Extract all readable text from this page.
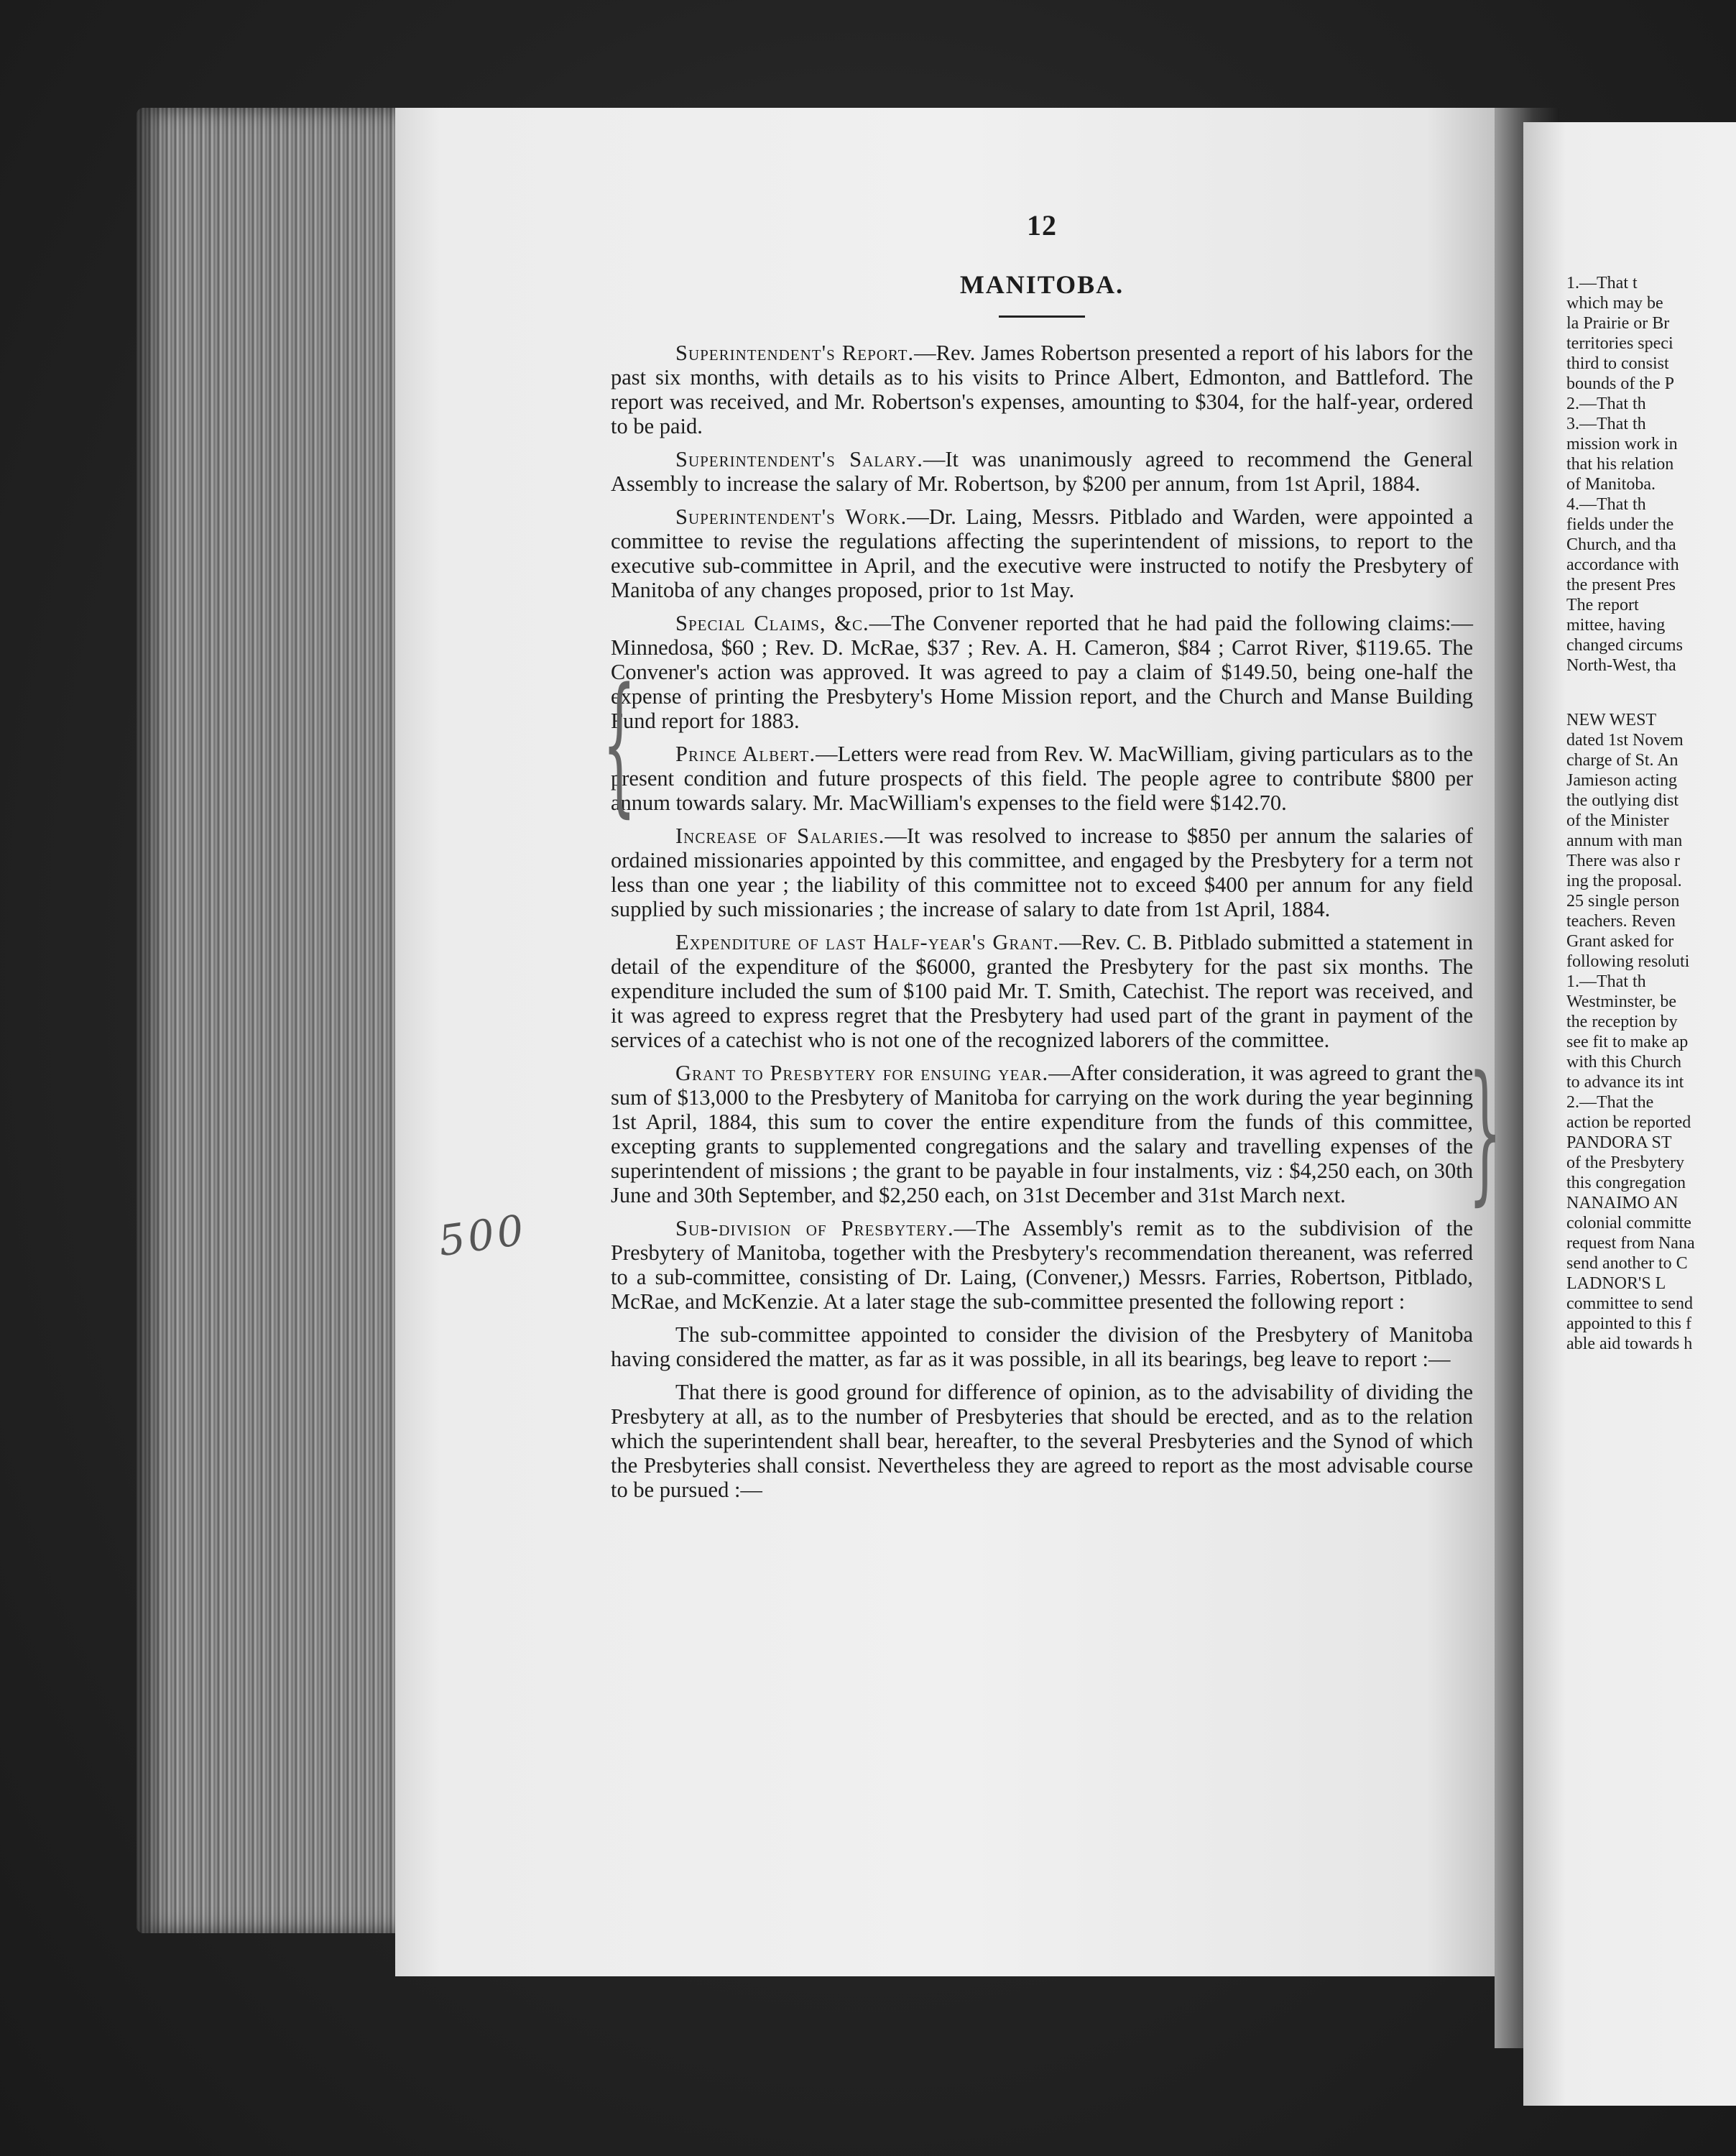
12
MANITOBA.

Superintendent's Report.—Rev. James Robertson presented a report of his labors for the past six months, with details as to his visits to Prince Albert, Edmonton, and Battleford. The report was received, and Mr. Robertson's expenses, amounting to $304, for the half-year, ordered to be paid.

Superintendent's Salary.—It was unanimously agreed to recommend the General Assembly to increase the salary of Mr. Robertson, by $200 per annum, from 1st April, 1884.

Superintendent's Work.—Dr. Laing, Messrs. Pitblado and Warden, were appointed a committee to revise the regulations affecting the superintendent of missions, to report to the executive sub-committee in April, and the executive were instructed to notify the Presbytery of Manitoba of any changes proposed, prior to 1st May.

Special Claims, &c.—The Convener reported that he had paid the following claims:—Minnedosa, $60 ; Rev. D. McRae, $37 ; Rev. A. H. Cameron, $84 ; Carrot River, $119.65. The Convener's action was approved. It was agreed to pay a claim of $149.50, being one-half the expense of printing the Presbytery's Home Mission report, and the Church and Manse Building Fund report for 1883.

Prince Albert.—Letters were read from Rev. W. MacWilliam, giving particulars as to the present condition and future prospects of this field. The people agree to contribute $800 per annum towards salary. Mr. MacWilliam's expenses to the field were $142.70.

Increase of Salaries.—It was resolved to increase to $850 per annum the salaries of ordained missionaries appointed by this committee, and engaged by the Presbytery for a term not less than one year ; the liability of this committee not to exceed $400 per annum for any field supplied by such missionaries ; the increase of salary to date from 1st April, 1884.

Expenditure of last Half-year's Grant.—Rev. C. B. Pitblado submitted a statement in detail of the expenditure of the $6000, granted the Presbytery for the past six months. The expenditure included the sum of $100 paid Mr. T. Smith, Catechist. The report was received, and it was agreed to express regret that the Presbytery had used part of the grant in payment of the services of a catechist who is not one of the recognized laborers of the committee.

Grant to Presbytery for ensuing year.—After consideration, it was agreed to grant the sum of $13,000 to the Presbytery of Manitoba for carrying on the work during the year beginning 1st April, 1884, this sum to cover the entire expenditure from the funds of this committee, excepting grants to supplemented congregations and the salary and travelling expenses of the superintendent of missions ; the grant to be payable in four instalments, viz : $4,250 each, on 30th June and 30th September, and $2,250 each, on 31st December and 31st March next.

Sub-division of Presbytery.—The Assembly's remit as to the subdivision of the Presbytery of Manitoba, together with the Presbytery's recommendation thereanent, was referred to a sub-committee, consisting of Dr. Laing, (Convener,) Messrs. Farries, Robertson, Pitblado, McRae, and McKenzie. At a later stage the sub-committee presented the following report :

The sub-committee appointed to consider the division of the Presbytery of Manitoba having considered the matter, as far as it was possible, in all its bearings, beg leave to report :—

That there is good ground for difference of opinion, as to the advisability of dividing the Presbytery at all, as to the number of Presbyteries that should be erected, and as to the relation which the superintendent shall bear, hereafter, to the several Presbyteries and the Synod of which the Presbyteries shall consist. Nevertheless they are agreed to report as the most advisable course to be pursued :—

{
}
500
1.—That t
which may be
la Prairie or Br
territories speci
third to consist
bounds of the P
2.—That th
3.—That th
mission work in
that his relation
of Manitoba.
4.—That th
fields under the
Church, and tha
accordance with
the present Pres
The report
mittee, having
changed circums
North-West, tha
NEW WEST
dated 1st Novem
charge of St. An
Jamieson acting
the outlying dist
of the Minister
annum with man
There was also r
ing the proposal.
25 single person
teachers. Reven
Grant asked for
following resoluti
1.—That th
Westminster, be
the reception by
see fit to make ap
with this Church
to advance its int
2.—That the
action be reported
PANDORA ST
of the Presbytery
this congregation
NANAIMO AN
colonial committe
request from Nana
send another to C
LADNOR'S L
committee to send
appointed to this f
able aid towards h
